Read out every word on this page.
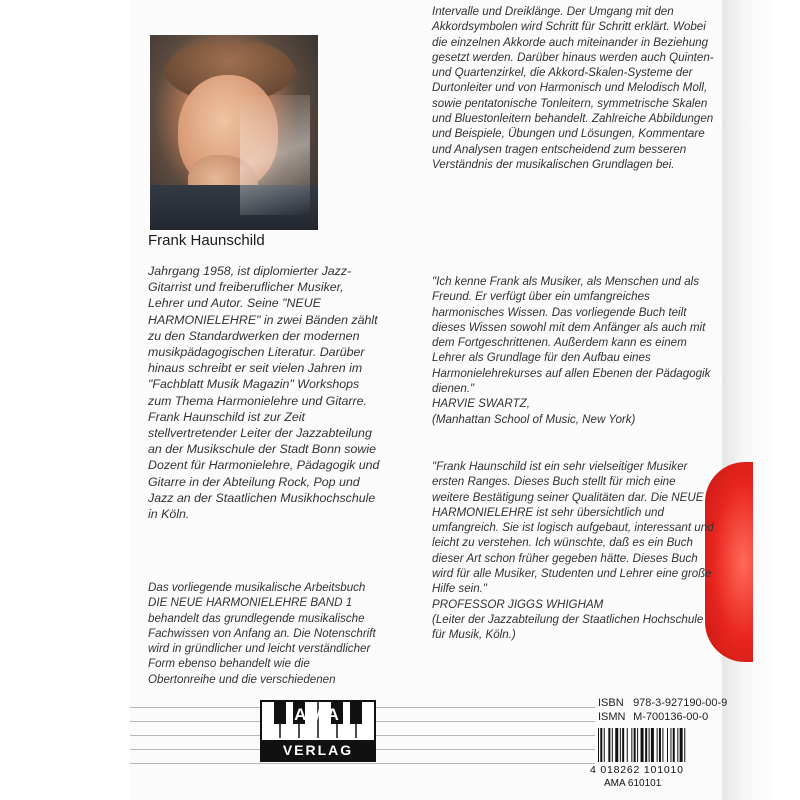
Frank Haunschild

Jahrgang 1958, ist diplomierter Jazz-Gitarrist und freiberuflicher Musiker, Lehrer und Autor. Seine "NEUE HARMONIELEHRE" in zwei Bänden zählt zu den Standardwerken der modernen musikpädagogischen Literatur. Darüber hinaus schreibt er seit vielen Jahren im "Fachblatt Musik Magazin" Workshops zum Thema Harmonielehre und Gitarre. Frank Haunschild ist zur Zeit stellvertretender Leiter der Jazzabteilung an der Musikschule der Stadt Bonn sowie Dozent für Harmonielehre, Pädagogik und Gitarre in der Abteilung Rock, Pop und Jazz an der Staatlichen Musikhochschule in Köln.

Das vorliegende musikalische Arbeitsbuch DIE NEUE HARMONIELEHRE BAND 1 behandelt das grundlegende musikalische Fachwissen von Anfang an. Die Notenschrift wird in gründlicher und leicht verständlicher Form ebenso behandelt wie die Obertonreihe und die verschiedenen

Intervalle und Dreiklänge. Der Umgang mit den Akkordsymbolen wird Schritt für Schritt erklärt. Wobei die einzelnen Akkorde auch miteinander in Beziehung gesetzt werden. Darüber hinaus werden auch Quinten- und Quartenzirkel, die Akkord-Skalen-Systeme der Durtonleiter und von Harmonisch und Melodisch Moll, sowie pentatonische Tonleitern, symmetrische Skalen und Bluestonleitern behandelt. Zahlreiche Abbildungen und Beispiele, Übungen und Lösungen, Kommentare und Analysen tragen entscheidend zum besseren Verständnis der musikalischen Grundlagen bei.

"Ich kenne Frank als Musiker, als Menschen und als Freund. Er verfügt über ein umfangreiches harmonisches Wissen. Das vorliegende Buch teilt dieses Wissen sowohl mit dem Anfänger als auch mit dem Fortgeschrittenen. Außerdem kann es einem Lehrer als Grundlage für den Aufbau eines Harmonielehrekurses auf allen Ebenen der Pädagogik dienen."

HARVIE SWARTZ,

(Manhattan School of Music, New York)

"Frank Haunschild ist ein sehr vielseitiger Musiker ersten Ranges. Dieses Buch stellt für mich eine weitere Bestätigung seiner Qualitäten dar. Die NEUE HARMONIELEHRE ist sehr übersichtlich und umfangreich. Sie ist logisch aufgebaut, interessant und leicht zu verstehen. Ich wünschte, daß es ein Buch dieser Art schon früher gegeben hätte. Dieses Buch wird für alle Musiker, Studenten und Lehrer eine große Hilfe sein."

PROFESSOR JIGGS WHIGHAM

(Leiter der Jazzabteilung der Staatlichen Hochschule für Musik, Köln.)

AMA
VERLAG
ISBN 978-3-927190-00-9
ISMN M-700136-00-0
4 018262 101010
AMA 610101
